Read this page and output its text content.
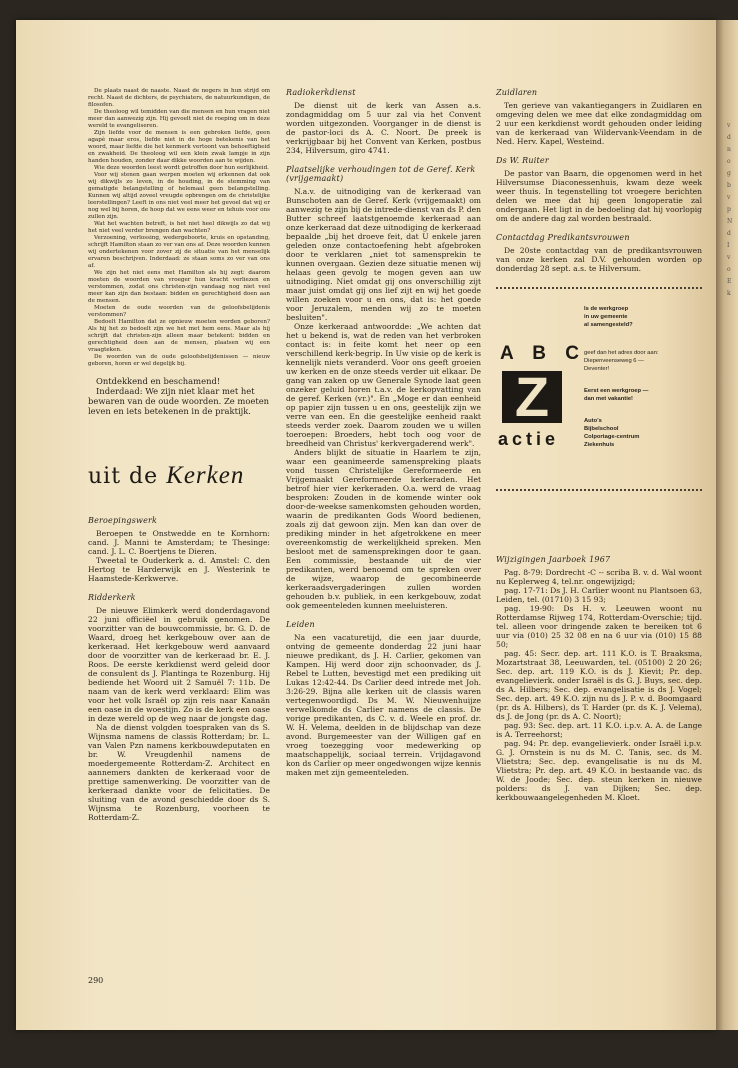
De plaats naast de naaste. Naast de negers in hun strijd om recht. Naast de dichters, de psychiaters, de natuurkundigen, de filosofen.

De theoloog wil temidden van die mensen en hun vragen niet meer dan aanwezig zijn. Hij gevoelt niet de roeping om in deze wereld te evangeliseren.

Zijn liefde voor de mensen is een gebroken liefde, geen agapè maar eros, liefde niet in de hoge betekenis van het woord, maar liefde die het kenmerk vertoont van behoeftigheid en zwakheid. De theoloog wil een klein zwak lampje in zijn handen houden, zonder daar dikke woorden aan te wijden.

Wie deze woorden leest wordt getroffen door hun eerlijkheid.

Voor wij stenen gaan werpen moeten wij erkennen dat ook wij dikwijls zo leven, in de houding, in de stemming van gematigde belangstelling of helemaal geen belangstelling. Kunnen wij altijd zoveel vreugde opbrengen om de christelijke leerstellingen? Leeft in ons niet veel meer het gevoel dat wij er nog wel bij horen, de hoop dat we eens weer en tehuis voor ons zullen zijn.

Wat het wachten betreft, is het niet heel dikwijls zo dat wij het niet veel verder brengen dan wachten?

Verzoening, verlossing, wedergeboorte, kruis en opstanding, schrijft Hamilton staan zo ver van ons af. Deze woorden kunnen wij ondertekenen voor zover zij de situatie van het menselijk ervaren beschrijven. Inderdaad: ze staan soms zo ver van ons af.

We zijn het niet eens met Hamilton als hij zegt: daarom moeten de woorden van vroeger hun kracht verliezen en verstommen, zodat ons christen-zijn vandaag nog niet veel meer kan zijn dan bestaan: bidden en gerechtigheid doen aan de mensen.

Moeten de oude woorden van de geloofsbelijdenis verstommen?

Bedoelt Hamilton dat ze opnieuw moeten worden geboren? Als hij het zo bedoelt zijn we het met hem eens. Maar als hij schrijft dat christen-zijn alleen maar betekent: bidden en gerechtigheid doen aan de mensen, plaatsen wij een vraagteken.

De woorden van de oude geloofsbelijdenissen — nieuw geboren, horen er wel degelijk bij.

Ontdekkend en beschamend!

Inderdaad: We zijn niet klaar met het bewaren van de oude woorden. Ze moeten leven en iets betekenen in de praktijk.

uit de Kerken
Beroepingswerk

Beroepen te Onstwedde en te Kornhorn: cand. J. Manni te Amsterdam; te Thesinge: cand. J. L. C. Boertjens te Dieren.

Tweetal te Ouderkerk a. d. Amstel: C. den Hertog te Harderwijk en J. Westerink te Haamstede-Kerkwerve.

Ridderkerk

De nieuwe Elimkerk werd donderdagavond 22 juni officiëel in gebruik genomen. De voorzitter van de bouwcommissie, br. G. D. de Waard, droeg het kerkgebouw over aan de kerkeraad. Het kerkgebouw werd aanvaard door de voorzitter van de kerkeraad br. E. J. Roos. De eerste kerkdienst werd geleid door de consulent ds J. Plantinga te Rozenburg. Hij bediende het Woord uit 2 Samuël 7: 11b. De naam van de kerk werd verklaard: Elim was voor het volk Israël op zijn reis naar Kanaän een oase in de woestijn. Zo is de kerk een oase in deze wereld op de weg naar de jongste dag.

Na de dienst volgden toespraken van ds S. Wijnsma namens de classis Rotterdam; br. L. van Valen Pzn namens kerkbouwdeputaten en br. W. Vreugdenhil namens de moedergemeente Rotterdam-Z. Architect en aannemers dankten de kerkeraad voor de prettige samenwerking. De voorzitter van de kerkeraad dankte voor de felicitaties. De sluiting van de avond geschiedde door ds S. Wijnsma te Rozenburg, voorheen te Rotterdam-Z.

Radiokerkdienst

De dienst uit de kerk van Assen a.s. zondagmiddag om 5 uur zal via het Convent worden uitgezonden. Voorganger in de dienst is de pastor-loci ds A. C. Noort. De preek is verkrijgbaar bij het Convent van Kerken, postbus 234, Hilversum, giro 4741.

Plaatselijke verhoudingen tot de Geref. Kerk (vrijgemaakt)

N.a.v. de uitnodiging van de kerkeraad van Bunschoten aan de Geref. Kerk (vrijgemaakt) om aanwezig te zijn bij de intrede-dienst van ds P. den Butter schreef laatstgenoemde kerkeraad aan onze kerkeraad dat deze uitnodiging de kerkeraad bepaalde „bij het droeve feit, dat U enkele jaren geleden onze contactoefening hebt afgebroken door te verklaren „niet tot samensprekin te kunnen overgaan. Gezien deze situatie menen wij helaas geen gevolg te mogen geven aan uw uitnodiging. Niet omdat gij ons onverschillig zijt maar juist omdat gij ons lief zijt en wij het goede willen zoeken voor u en ons, dat is: het goede voor Jeruzalem, menden wij zo te moeten besluiten".

Onze kerkeraad antwoordde: „We achten dat het u bekend is, wat de reden van het verbroken contact is: in feite komt het neer op een verschillend kerk-begrip. In Uw visie op de kerk is kennelijk niets veranderd. Voor ons geeft groeien uw kerken en de onze steeds verder uit elkaar. De gang van zaken op uw Generale Synode laat geen onzeker geluid horen t.a.v. de kerkopvatting van de geref. Kerken (vr.)". En „Moge er dan eenheid op papier zijn tussen u en ons, geestelijk zijn we verre van een. En die geestelijke eenheid raakt steeds verder zoek. Daarom zouden we u willen toeroepen: Broeders, hebt toch oog voor de breedheid van Christus' kerkvergaderend werk".

Anders blijkt de situatie in Haarlem te zijn, waar een geanimeerde samenspreking plaats vond tussen Christelijke Gereformeerde en Vrijgemaakt Gereformeerde kerkeraden. Het betrof hier vier kerkeraden. O.a. werd de vraag besproken: Zouden in de komende winter ook door-de-weekse samenkomsten gehouden worden, waarin de predikanten Gods Woord bedienen, zoals zij dat gewoon zijn. Men kan dan over de prediking minder in het afgetrokkene en meer overeenkomstig de werkelijkheid spreken. Men besloot met de samensprekingen door te gaan. Een commissie, bestaande uit de vier predikanten, werd benoemd om te spreken over de wijze, waarop de gecombineerde kerkeraadsvergaderingen zullen worden gehouden b.v. publiek, in een kerkgebouw, zodat ook gemeenteleden kunnen meeluisteren.

Leiden

Na een vacaturetijd, die een jaar duurde, ontving de gemeente donderdag 22 juni haar nieuwe predikant, ds J. H. Carlier, gekomen van Kampen. Hij werd door zijn schoonvader, ds J. Rebel te Lutten, bevestigd met een prediking uit Lukas 12:42-44. Ds Carlier deed intrede met Joh. 3:26-29. Bijna alle kerken uit de classis waren vertegenwoordigd. Ds M. W. Nieuwenhuijze verwelkomde ds Carlier namens de classis. De vorige predikanten, ds C. v. d. Weele en prof. dr. W. H. Velema, deelden in de blijdschap van deze avond. Burgemeester van der Willigen gaf en vroeg toezegging voor medewerking op maatschappelijk, sociaal terrein. Vrijdagavond kon ds Carlier op meer ongedwongen wijze kennis maken met zijn gemeenteleden.

Zuidlaren

Ten gerieve van vakantiegangers in Zuidlaren en omgeving delen we mee dat elke zondagmiddag om 2 uur een kerkdienst wordt gehouden onder leiding van de kerkeraad van Wildervank-Veendam in de Ned. Herv. Kapel, Westeind.

Ds W. Ruiter

De pastor van Baarn, die opgenomen werd in het Hilversumse Diaconessenhuis, kwam deze week weer thuis. In tegenstelling tot vroegere berichten delen we mee dat hij geen longoperatie zal ondergaan. Het ligt in de bedoeling dat hij voorlopig om de andere dag zal worden bestraald.

Contactdag Predikantsvrouwen

De 20ste contactdag van de predikantsvrouwen van onze kerken zal D.V. gehouden worden op donderdag 28 sept. a.s. te Hilversum.

A B C
Z
actie
Is de werkgroep
in uw gemeente
al samengesteld?
geef dan het adres door aan:
Diepenveenseweg 6 —
Deventer!
Eerst een werkgroep —
dan met vakantie!
Auto's
Bijbelschool
Colportage-centrum
Ziekenhuis
Wijzigingen Jaarboek 1967

Pag. 8-79: Dordrecht -C -- scriba B. v. d. Wal woont nu Keplerweg 4, tel.nr. ongewijzigd;

pag. 17-71: Ds J. H. Carlier woont nu Plantsoen 63, Leiden, tel. (01710) 3 15 93;

pag. 19-90: Ds H. v. Leeuwen woont nu Rotterdamse Rijweg 174, Rotterdam-Overschie; tijd. tel. alleen voor dringende zaken te bereiken tot 6 uur via (010) 25 32 08 en na 6 uur via (010) 15 88 50;

pag. 45: Secr. dep. art. 111 K.O. is T. Braaksma, Mozartstraat 38, Leeuwarden, tel. (05100) 2 20 26; Sec. dep. art. 119 K.O. is ds J. Kievit; Pr. dep. evangelievierk. onder Israël is ds G. J. Buys, sec. dep. ds A. Hilbers; Sec. dep. evangelisatie is ds J. Vogel; Sec. dep. art. 49 K.O. zijn nu ds J. P. v. d. Boomgaard (pr. ds A. Hilbers), ds T. Harder (pr. ds K. J. Velema), ds J. de Jong (pr. ds A. C. Noort);

pag. 93: Sec. dep. art. 11 K.O. i.p.v. A. A. de Lange is A. Terreehorst;

pag. 94: Pr. dep. evangelievierk. onder Israël i.p.v. G. J. Ornstein is nu ds M. C. Tanis, sec. ds M. Vlietstra; Sec. dep. evangelisatie is nu ds M. Vlietstra; Pr. dep. art. 49 K.O. in bestaande vac. ds W. de Joode; Sec. dep. steun kerken in nieuwe polders: ds J. van Dijken; Sec. dep. kerkbouwaangelegenheden M. Kloet.

290
v
d
n
o
g
b
v
p
N
d
I
v
o
E
k
